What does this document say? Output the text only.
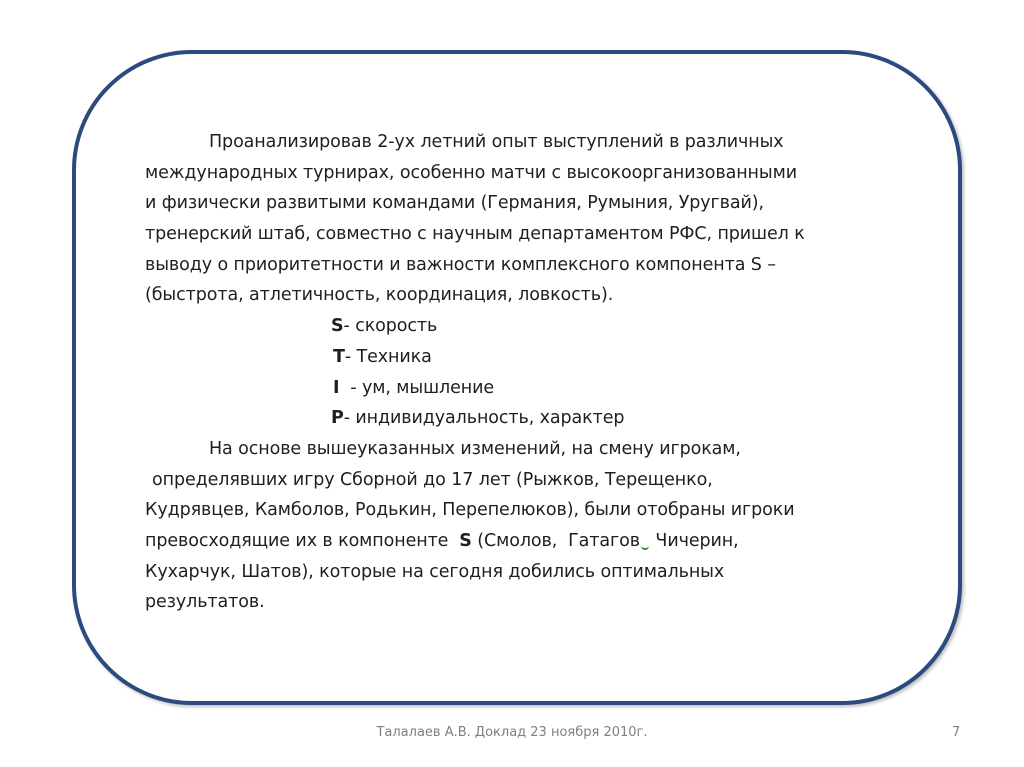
Проанализировав 2-ух летний опыт выступлений в различных
международных турнирах, особенно матчи с высокоорганизованными
и физически развитыми командами (Германия, Румыния, Уругвай),
тренерский штаб, совместно с научным департаментом РФС, пришел к
выводу о приоритетности и важности комплексного компонента S –
(быстрота, атлетичность, координация, ловкость).
S- скорость
T- Техника
I  - ум, мышление
P- индивидуальность, характер
На основе вышеуказанных изменений, на смену игрокам,
определявших игру Сборной до 17 лет (Рыжков, Терещенко,
Кудрявцев, Камболов, Родькин, Перепелюков), были отобраны игроки
превосходящие их в компоненте  S (Смолов,  Гатагов Чичерин,
Кухарчук, Шатов), которые на сегодня добились оптимальных
результатов.
Талалаев А.В. Доклад 23 ноября 2010г.	7
